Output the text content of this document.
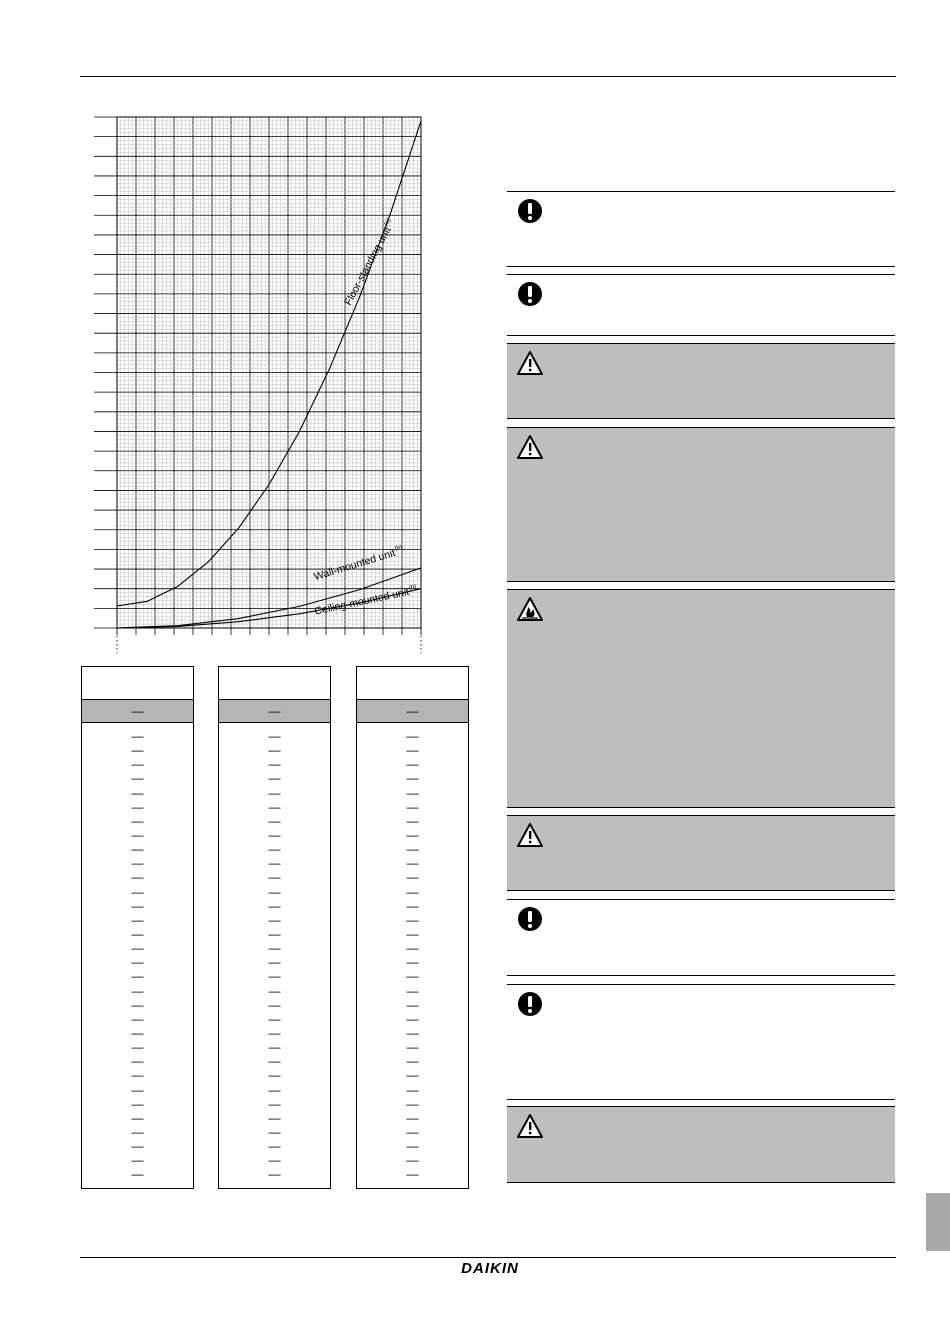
Floor-standing unit$^{(a)}$
Wall-mounted unit$^{(b)}$
Ceiling-mounted unit$^{(b)}$
—
—
—
—
—
—
—
—
—
—
—
—
—
—
—
—
—
—
—
—
—
—
—
—
—
—
—
—
—
—
—
—
—
—
—
—
—
—
—
—
—
—
—
—
—
—
—
—
—
—
—
—
—
—
—
—
—
—
—
—
—
—
—
—
—
—
—
—
—
—
—
—
—
—
—
—
—
—
—
—
—
—
—
—
—
—
—
—
—
—
—
—
—
—
—
—
—
—
—
DAIKIN
